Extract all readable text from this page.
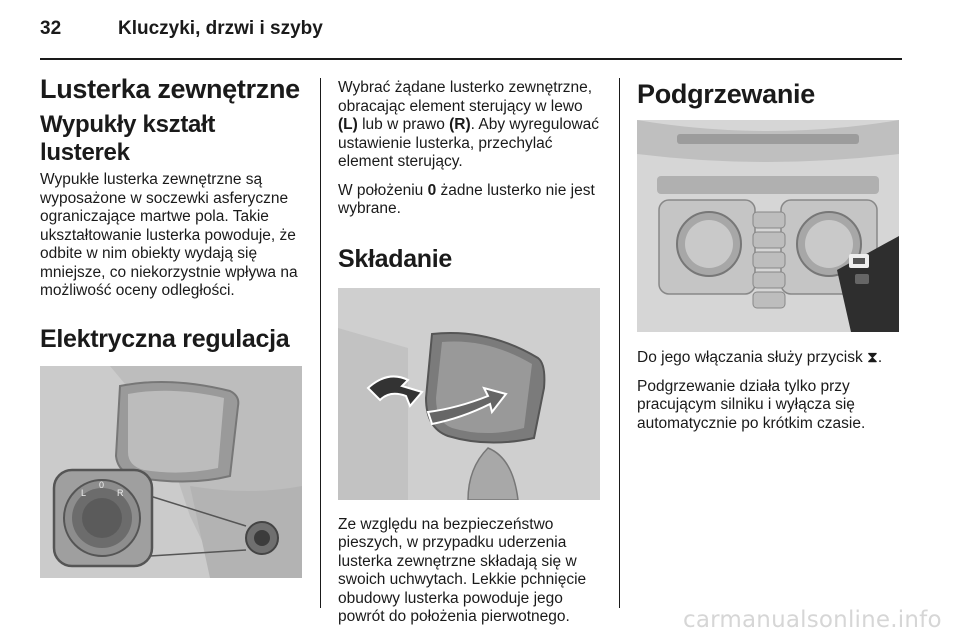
32	Kluczyki, drzwi i szyby
Lusterka zewnętrzne
Wypukły kształt lusterek

Wypukłe lusterka zewnętrzne są wyposażone w soczewki asferyczne ograniczające martwe pola. Takie ukształtowanie lusterka powoduje, że odbite w nim obiekty wydają się mniejsze, co niekorzystnie wpływa na możliwość oceny odległości.

Elektryczna regulacja
L
0
R

Wybrać żądane lusterko zewnętrzne, obracając element sterujący w lewo (L) lub w prawo (R). Aby wyregulować ustawienie lusterka, przechylać element sterujący.

W położeniu 0 żadne lusterko nie jest wybrane.

Składanie

Ze względu na bezpieczeństwo pieszych, w przypadku uderzenia lusterka zewnętrzne składają się w swoich uchwytach. Lekkie pchnięcie obudowy lusterka powoduje jego powrót do położenia pierwotnego.

Podgrzewanie

Do jego włączania służy przycisk ⧗.

Podgrzewanie działa tylko przy pracującym silniku i wyłącza się automatycznie po krótkim czasie.

carmanualsonline.info
